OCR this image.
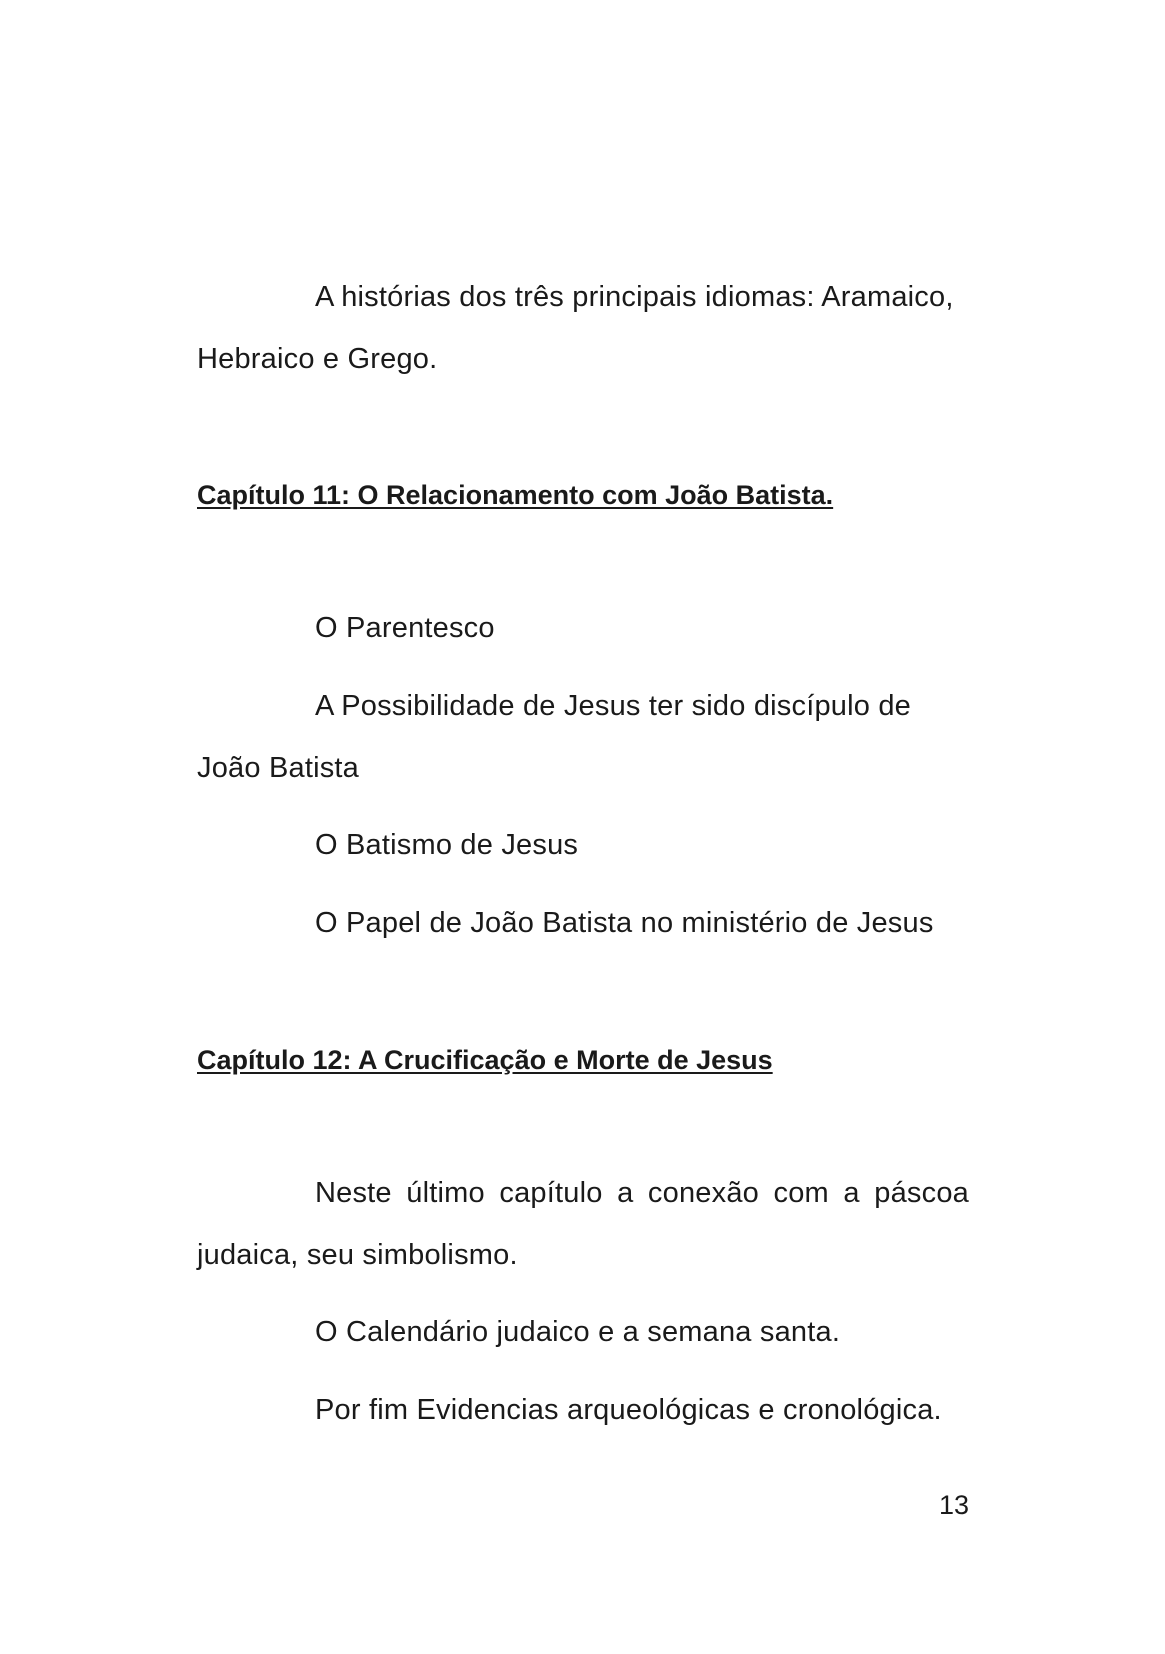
A histórias dos três principais idiomas: Aramaico, Hebraico e Grego.

Capítulo 11: O Relacionamento com João Batista.

O Parentesco

A Possibilidade de Jesus ter sido discípulo de João Batista

O Batismo de Jesus

O Papel de João Batista no ministério de Jesus

Capítulo 12: A Crucificação e Morte de Jesus

Neste último capítulo a conexão com a páscoa judaica, seu simbolismo.

O Calendário judaico e a semana santa.

Por fim Evidencias arqueológicas e cronológica.

13
